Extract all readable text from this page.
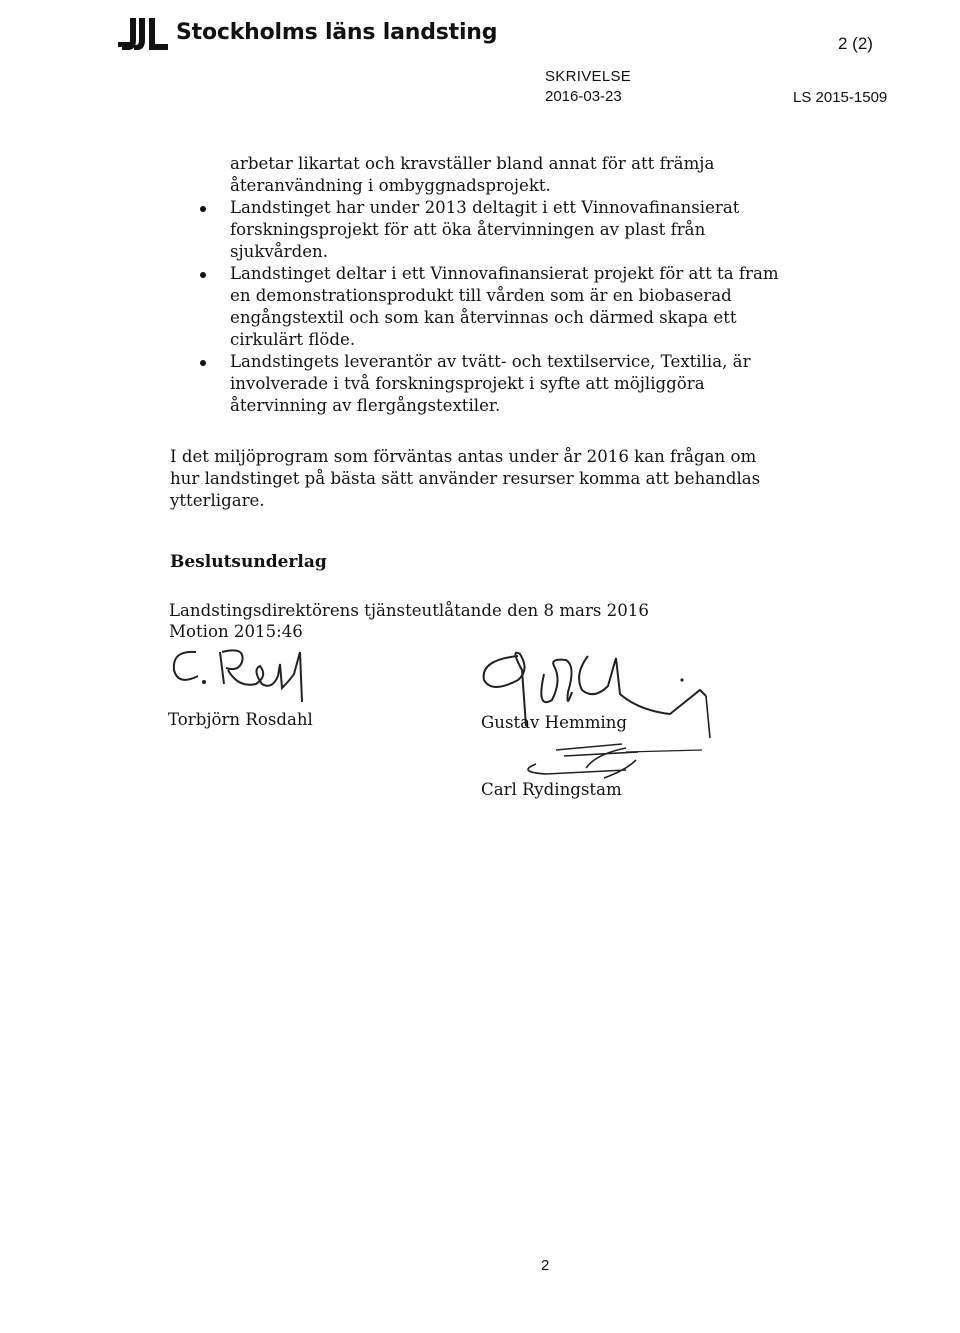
Stockholms läns landsting	2 (2)
SKRIVELSE
2016-03-23	LS 2015-1509
arbetar likartat och kravställer bland annat för att främja återanvändning i ombyggnadsprojekt.
Landstinget har under 2013 deltagit i ett Vinnovafinansierat forskningsprojekt för att öka återvinningen av plast från sjukvården.
Landstinget deltar i ett Vinnovafinansierat projekt för att ta fram en demonstrationsprodukt till vården som är en biobaserad engångstextil och som kan återvinnas och därmed skapa ett cirkulärt flöde.
Landstingets leverantör av tvätt- och textilservice, Textilia, är involverade i två forskningsprojekt i syfte att möjliggöra återvinning av flergångstextiler.
I det miljöprogram som förväntas antas under år 2016 kan frågan om hur landstinget på bästa sätt använder resurser komma att behandlas ytterligare.
Beslutsunderlag
Landstingsdirektörens tjänsteutlåtande den 8 mars 2016
Motion 2015:46
Torbjörn Rosdahl	Gustav Hemming
Carl Rydingstam
2
